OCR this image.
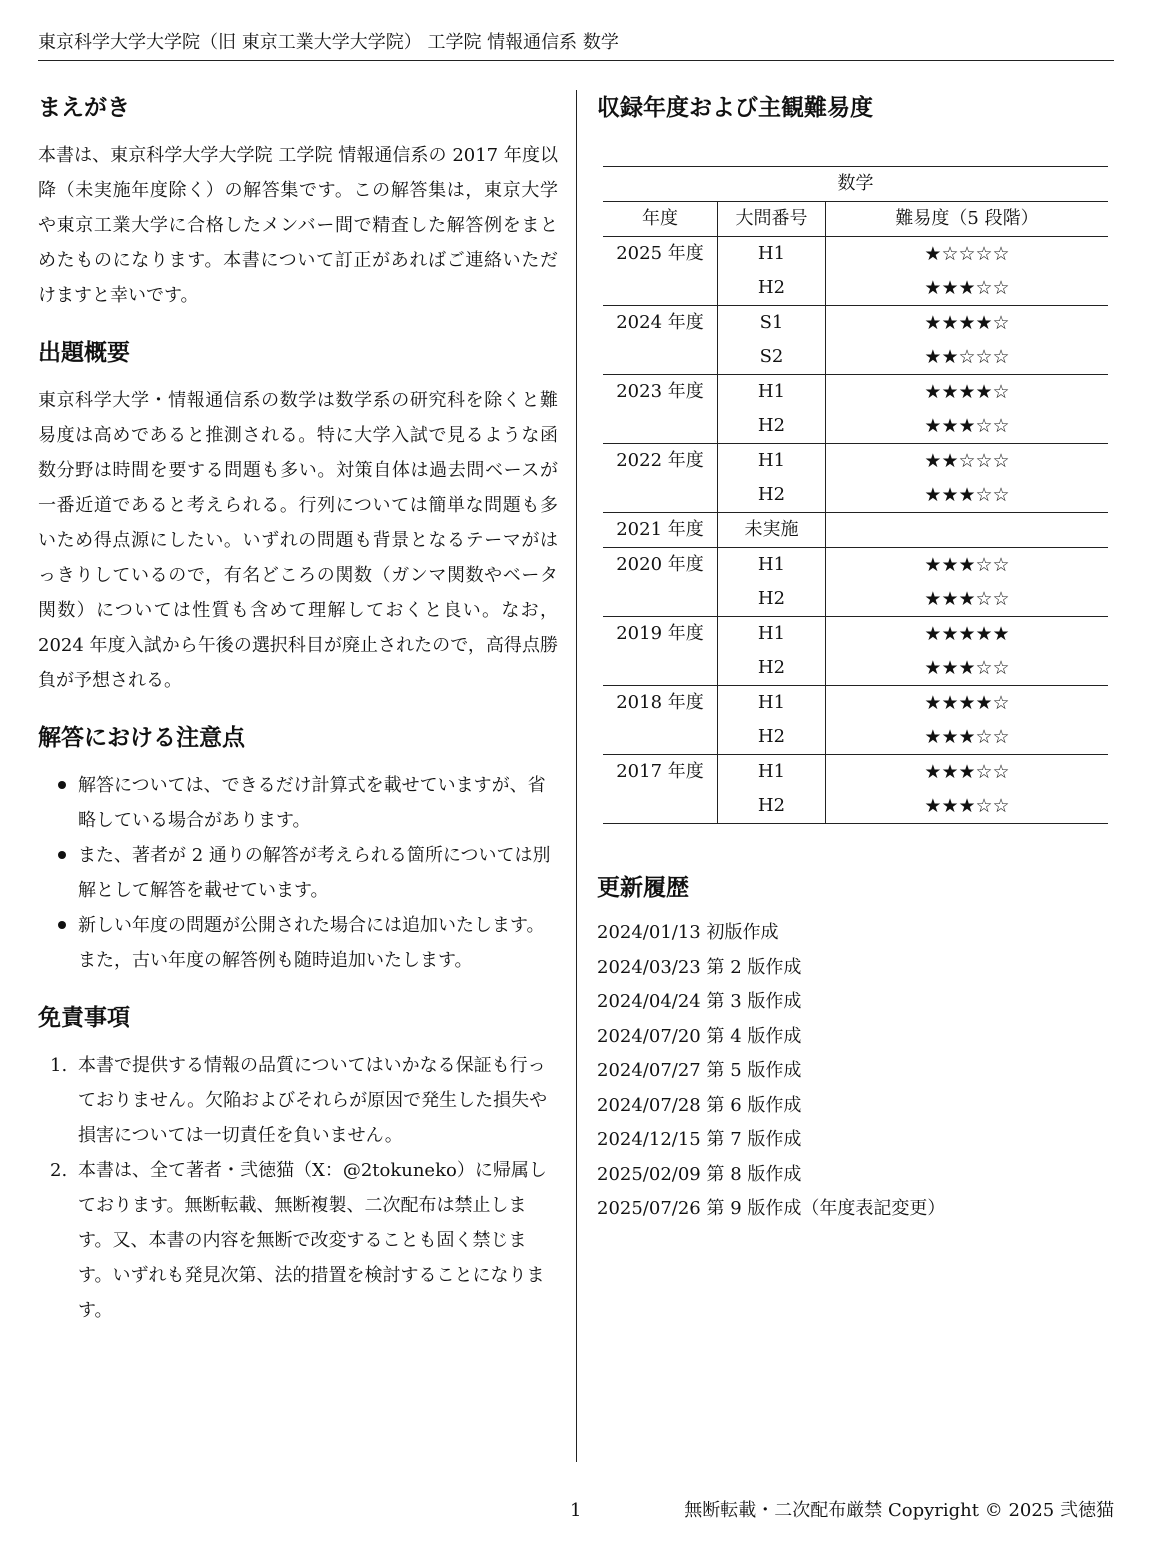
東京科学大学大学院（旧 東京工業大学大学院） 工学院 情報通信系 数学
まえがき

本書は、東京科学大学大学院 工学院 情報通信系の 2017 年度以降（未実施年度除く）の解答集です。この解答集は，東京大学や東京工業大学に合格したメンバー間で精査した解答例をまとめたものになります。本書について訂正があればご連絡いただけますと幸いです。

出題概要

東京科学大学・情報通信系の数学は数学系の研究科を除くと難易度は高めであると推測される。特に大学入試で見るような函数分野は時間を要する問題も多い。対策自体は過去問ベースが一番近道であると考えられる。行列については簡単な問題も多いため得点源にしたい。いずれの問題も背景となるテーマがはっきりしているので，有名どころの関数（ガンマ関数やベータ関数）については性質も含めて理解しておくと良い。なお，2024 年度入試から午後の選択科目が廃止されたので，高得点勝負が予想される。

解答における注意点
解答については、できるだけ計算式を載せていますが、省略している場合があります。
また、著者が 2 通りの解答が考えられる箇所については別解として解答を載せています。
新しい年度の問題が公開された場合には追加いたします。また，古い年度の解答例も随時追加いたします。
免責事項
1. 本書で提供する情報の品質についてはいかなる保証も行っておりません。欠陥およびそれらが原因で発生した損失や損害については一切責任を負いません。
2. 本書は、全て著者・弐徳猫（X：@2tokuneko）に帰属しております。無断転載、無断複製、二次配布は禁止します。又、本書の内容を無断で改変することも固く禁じます。いずれも発見次第、法的措置を検討することになります。
収録年度および主観難易度
数学		
年度	大問番号	難易度（5 段階）
2025 年度	H1	★☆☆☆☆
	H2	★★★☆☆
2024 年度	S1	★★★★☆
	S2	★★☆☆☆
2023 年度	H1	★★★★☆
	H2	★★★☆☆
2022 年度	H1	★★☆☆☆
	H2	★★★☆☆
2021 年度	未実施	
2020 年度	H1	★★★☆☆
	H2	★★★☆☆
2019 年度	H1	★★★★★
	H2	★★★☆☆
2018 年度	H1	★★★★☆
	H2	★★★☆☆
2017 年度	H1	★★★☆☆
	H2	★★★☆☆
更新履歴
2024/01/13 初版作成
2024/03/23 第 2 版作成
2024/04/24 第 3 版作成
2024/07/20 第 4 版作成
2024/07/27 第 5 版作成
2024/07/28 第 6 版作成
2024/12/15 第 7 版作成
2025/02/09 第 8 版作成
2025/07/26 第 9 版作成（年度表記変更）
1	無断転載・二次配布厳禁 Copyright © 2025 弐徳猫
